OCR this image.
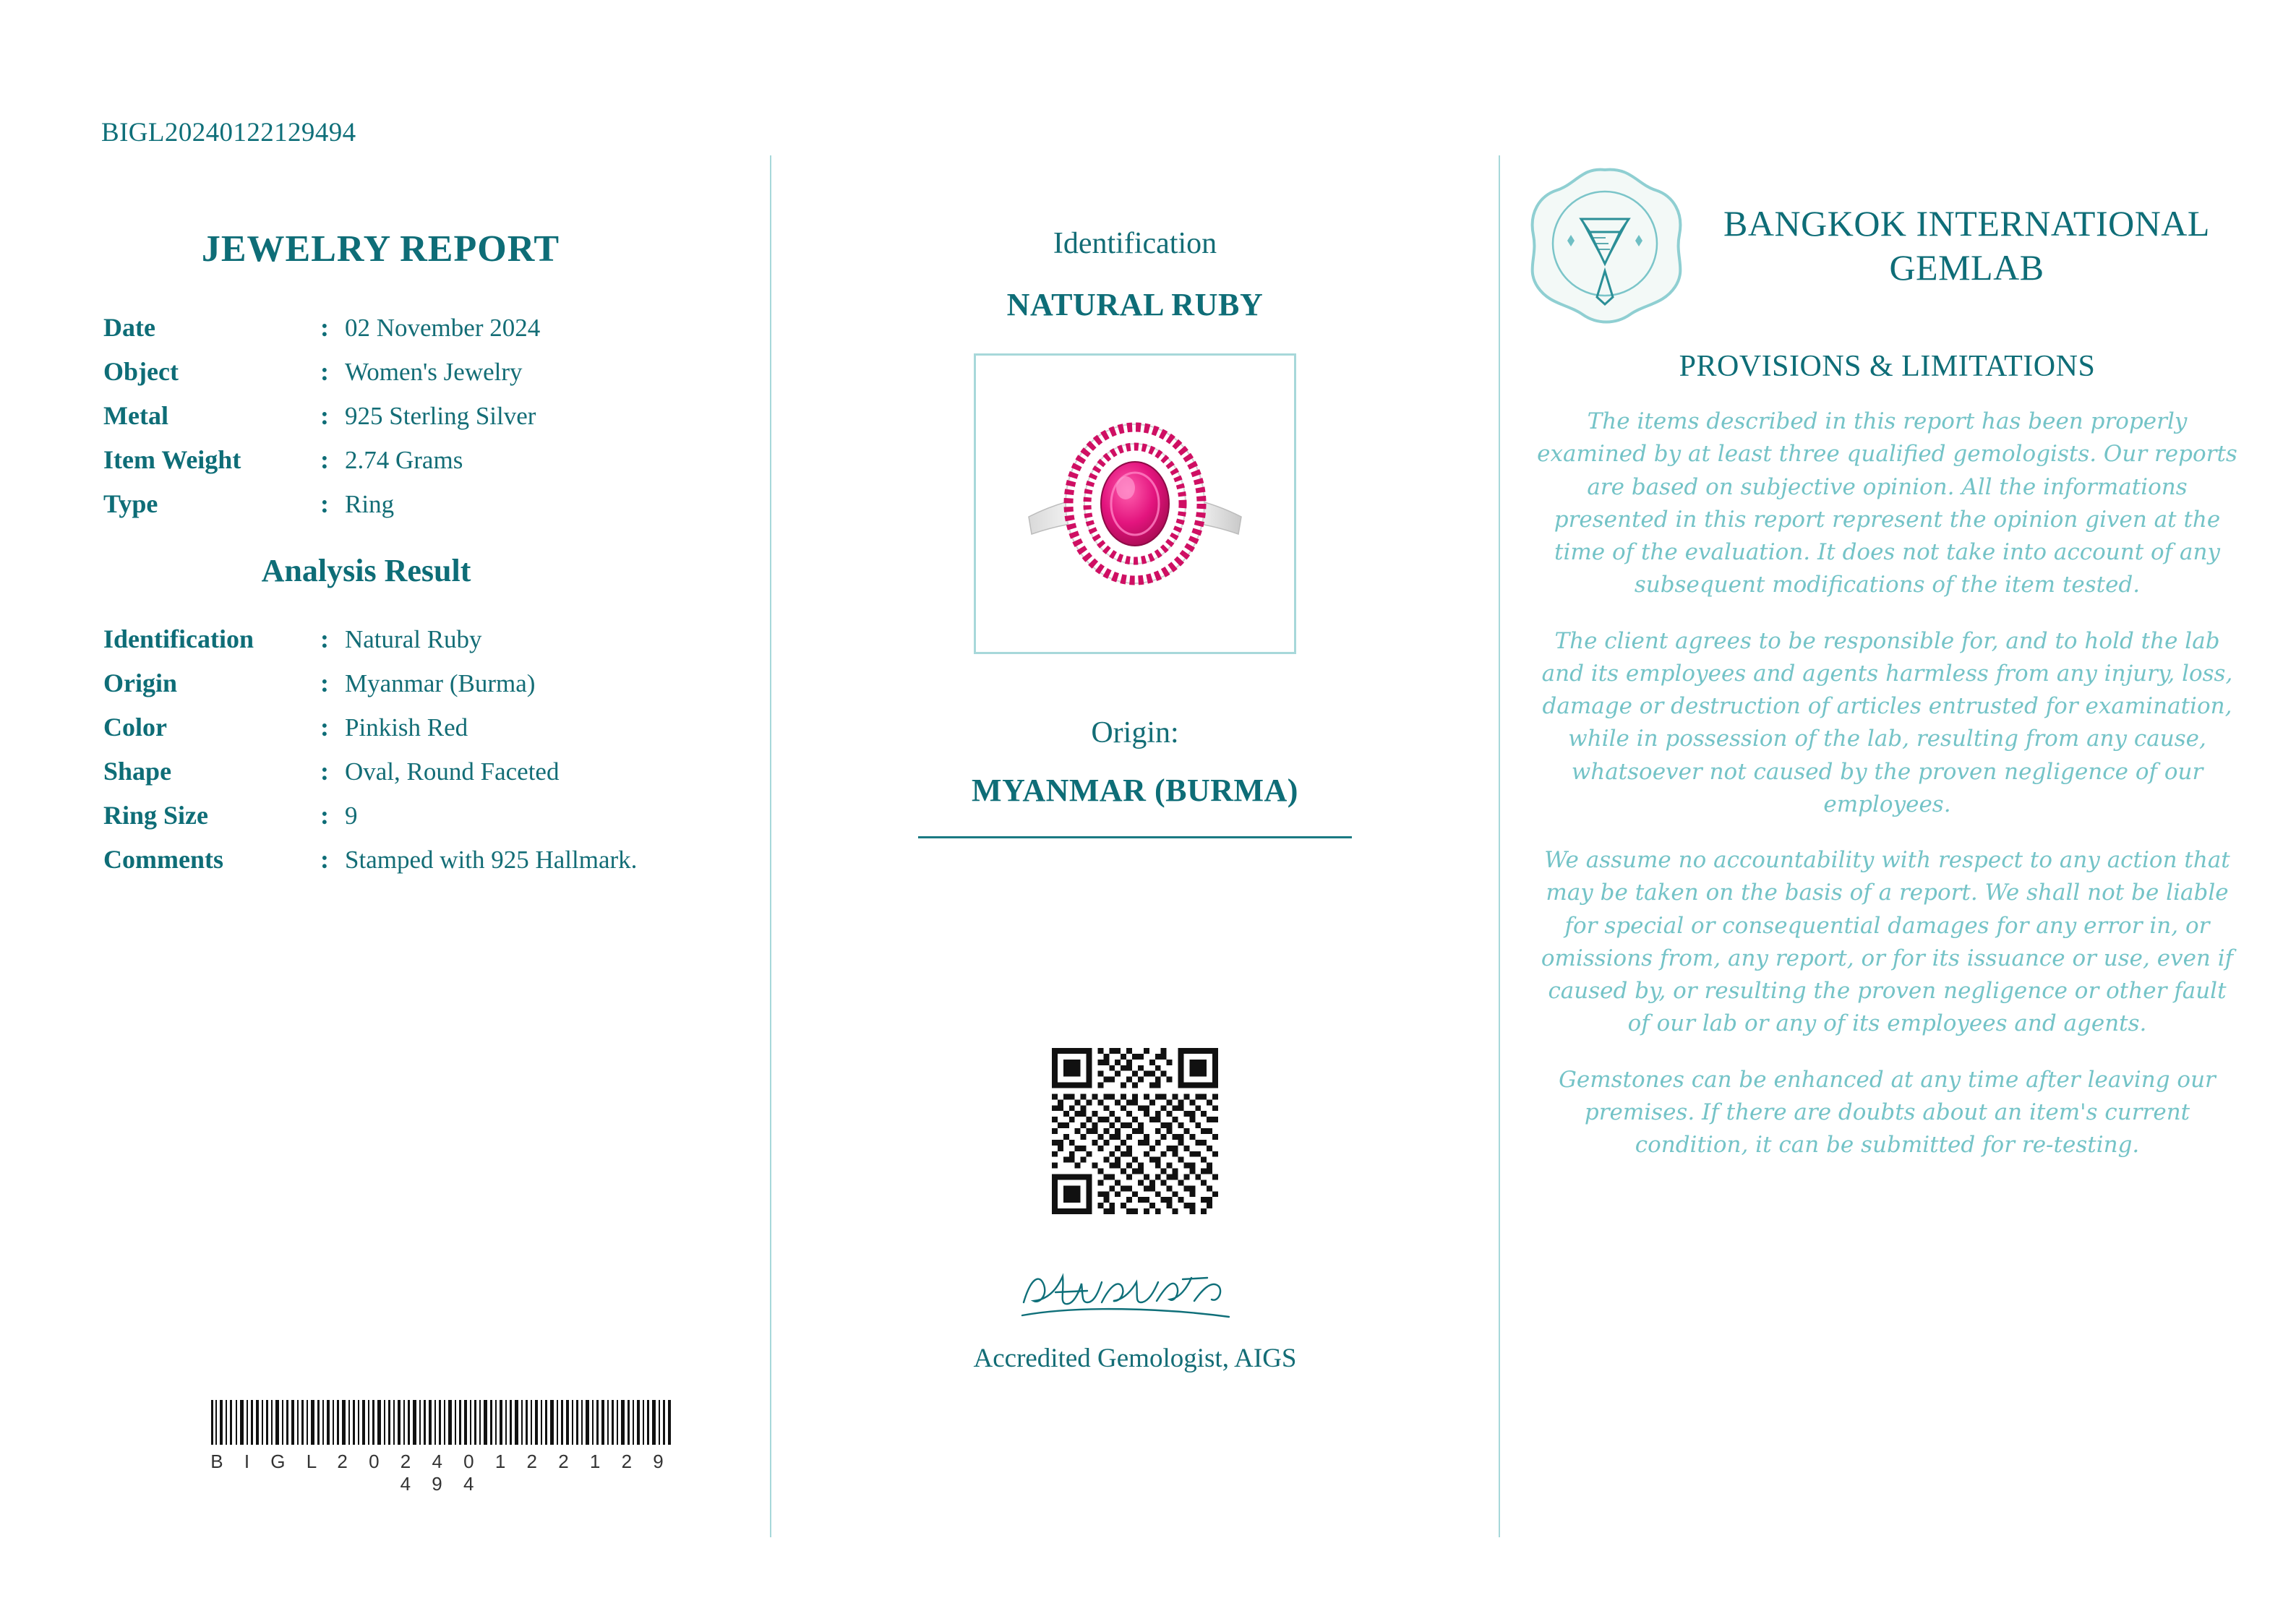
BIGL20240122129494
JEWELRY REPORT
Date	: 02 November 2024
Object	: Women's Jewelry
Metal	: 925 Sterling Silver
Item Weight	: 2.74 Grams
Type	: Ring
Analysis Result
Identification	: Natural Ruby
Origin	: Myanmar (Burma)
Color	: Pinkish Red
Shape	: Oval, Round Faceted
Ring Size	: 9
Comments	: Stamped with 925 Hallmark.
B I G L 2 0 2 4 0 1 2 2 1 2 9 4 9 4
Identification
NATURAL RUBY
Origin:
MYANMAR (BURMA)
Accredited Gemologist, AIGS
BANGKOK INTERNATIONAL GEMLAB
PROVISIONS & LIMITATIONS

The items described in this report has been properly examined by at least three qualified gemologists. Our reports are based on subjective opinion. All the informations presented in this report represent the opinion given at the time of the evaluation. It does not take into account of any subsequent modifications of the item tested.

The client agrees to be responsible for, and to hold the lab and its employees and agents harmless from any injury, loss, damage or destruction of articles entrusted for examination, while in possession of the lab, resulting from any cause, whatsoever not caused by the proven negligence of our employees.

We assume no accountability with respect to any action that may be taken on the basis of a report. We shall not be liable for special or consequential damages for any error in, or omissions from, any report, or for its issuance or use, even if caused by, or resulting the proven negligence or other fault of our lab or any of its employees and agents.

Gemstones can be enhanced at any time after leaving our premises. If there are doubts about an item's current condition, it can be submitted for re-testing.
